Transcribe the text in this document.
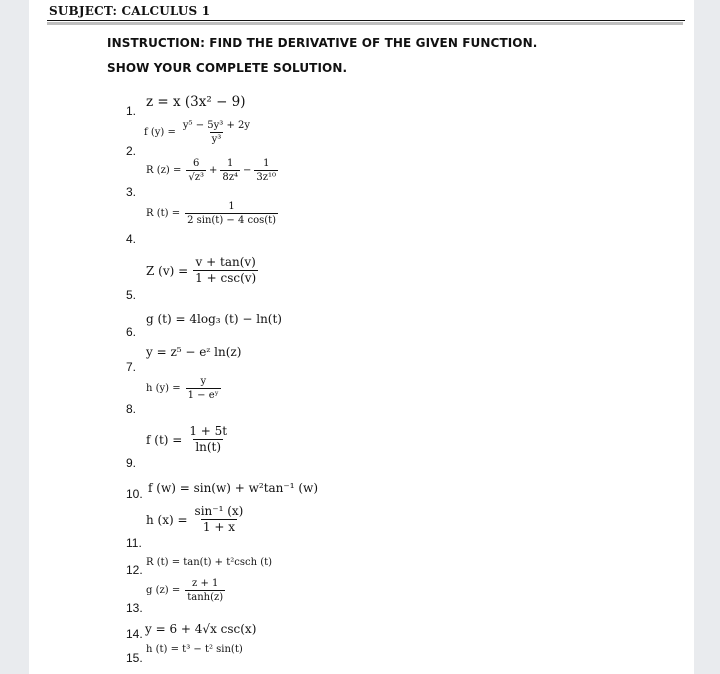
SUBJECT: CALCULUS 1
INSTRUCTION: FIND THE DERIVATIVE OF THE GIVEN FUNCTION.
SHOW YOUR COMPLETE SOLUTION.
z = x (3x² − 9)
1.
f $(y) = \frac{\text{y⁵ − 5y³ + 2y}}{\text{y³}}$
2.
R $(z) = \frac{6}{\text{√z³}} + \frac{1}{\text{8z⁴}} - \frac{1}{\text{3z¹⁰}}$
3.
R $(t) = \frac{1}{2 \sin(t) - 4 \cos(t)}$
4.
Z $(v) = \frac{v + \tan(v)}{1 + \csc(v)}$
5.
g (t) = 4log₃ (t) − ln(t)
6.
y = z⁵ − eᶻ ln(z)
7.
h $(y) = \frac{y}{\text{1 − eʸ}}$
8.
f $(t) = \frac{1 + 5t}{\ln(t)}$
9.
10. f (w) = sin(w) + w²tan⁻¹ (w)
h $(x) = \frac{\text{sin⁻¹ (x)}}{1 + x}$
11.
12.
R (t) = tan(t) + t²csch (t)
g $(z) = \frac{z + 1}{\tanh(z)}$
13.
14. y = 6 + 4√x csc(x)
15.
h (t) = t³ − t² sin(t)
